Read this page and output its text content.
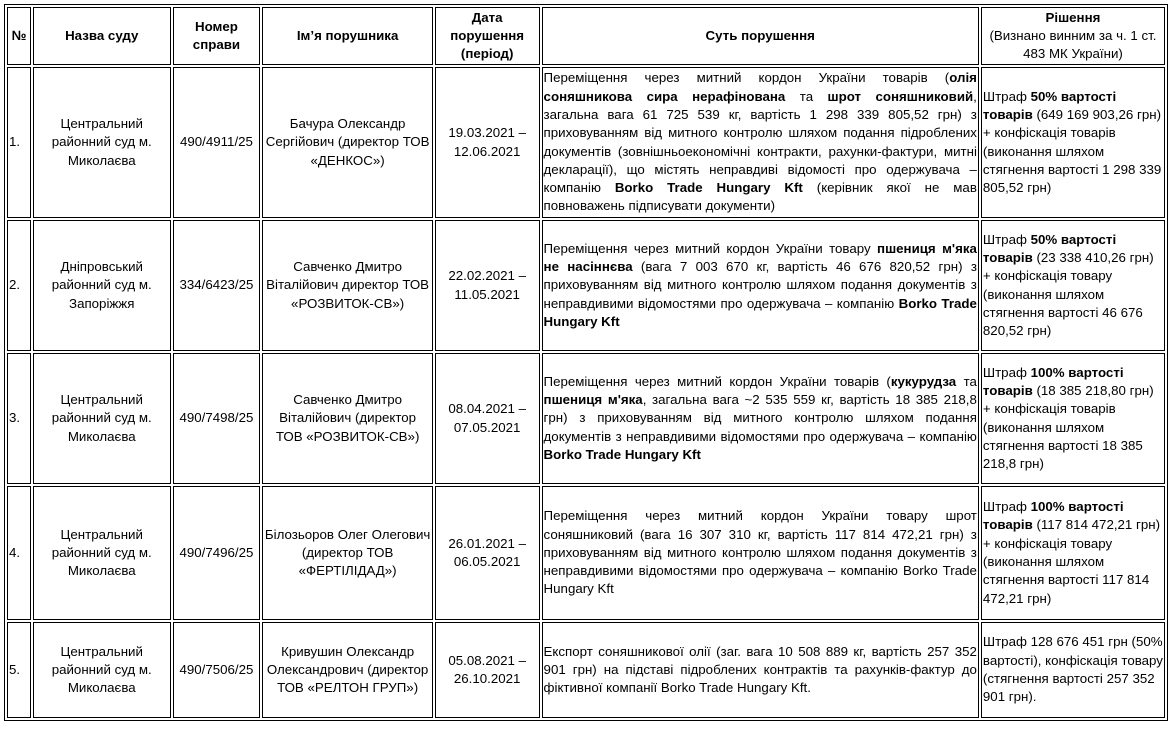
№	Назва суду	Номер справи	Ім’я порушника	Дата порушення (період)	Суть порушення	Рішення
(Визнано винним за ч. 1 ст. 483 МК України)
1.	Центральний районний суд м. Миколаєва	490/4911/25	Бачура Олександр Сергійович (директор ТОВ «ДЕНКОС»)	19.03.2021 – 12.06.2021	Переміщення через митний кордон України товарів (олія соняшникова сира нерафінована та шрот соняшниковий, загальна вага 61 725 539 кг, вартість 1 298 339 805,52 грн) з приховуванням від митного контролю шляхом подання підроблених документів (зовнішньоекономічні контракти, рахунки-фактури, митні декларації), що містять неправдиві відомості про одержувача – компанію Borko Trade Hungary Kft (керівник якої не мав повноважень підписувати документи)	Штраф 50% вартості товарів (649 169 903,26 грн) + конфіскація товарів (виконання шляхом стягнення вартості 1 298 339 805,52 грн)
2.	Дніпровський районний суд м. Запоріжжя	334/6423/25	Савченко Дмитро Віталійович директор ТОВ «РОЗВИТОК-СВ»)	22.02.2021 – 11.05.2021	Переміщення через митний кордон України товару пшениця м'яка не насіннєва (вага 7 003 670 кг, вартість 46 676 820,52 грн) з приховуванням від митного контролю шляхом подання документів з неправдивими відомостями про одержувача – компанію Borko Trade Hungary Kft	Штраф 50% вартості товарів (23 338 410,26 грн) + конфіскація товару (виконання шляхом стягнення вартості 46 676 820,52 грн)
3.	Центральний районний суд м. Миколаєва	490/7498/25	Савченко Дмитро Віталійович (директор ТОВ «РОЗВИТОК-СВ»)	08.04.2021 – 07.05.2021	Переміщення через митний кордон України товарів (кукурудза та пшениця м'яка, загальна вага ~2 535 559 кг, вартість 18 385 218,8 грн) з приховуванням від митного контролю шляхом подання документів з неправдивими відомостями про одержувача – компанію Borko Trade Hungary Kft	Штраф 100% вартості товарів (18 385 218,80 грн) + конфіскація товарів (виконання шляхом стягнення вартості 18 385 218,8 грн)
4.	Центральний районний суд м. Миколаєва	490/7496/25	Білозьоров Олег Олегович (директор ТОВ «ФЕРТІЛІДАД»)	26.01.2021 – 06.05.2021	Переміщення через митний кордон України товару шрот соняшниковий (вага 16 307 310 кг, вартість 117 814 472,21 грн) з приховуванням від митного контролю шляхом подання документів з неправдивими відомостями про одержувача – компанію Borko Trade Hungary Kft	Штраф 100% вартості товарів (117 814 472,21 грн) + конфіскація товару (виконання шляхом стягнення вартості 117 814 472,21 грн)
5.	Центральний районний суд м. Миколаєва	490/7506/25	Кривушин Олександр Олександрович (директор ТОВ «РЕЛТОН ГРУП»)	05.08.2021 – 26.10.2021	Експорт соняшникової олії (заг. вага 10 508 889 кг, вартість 257 352 901 грн) на підставі підроблених контрактів та рахунків-фактур до фіктивної компанії Borko Trade Hungary Kft.	Штраф 128 676 451 грн (50% вартості), конфіскація товару (стягнення вартості 257 352 901 грн).
